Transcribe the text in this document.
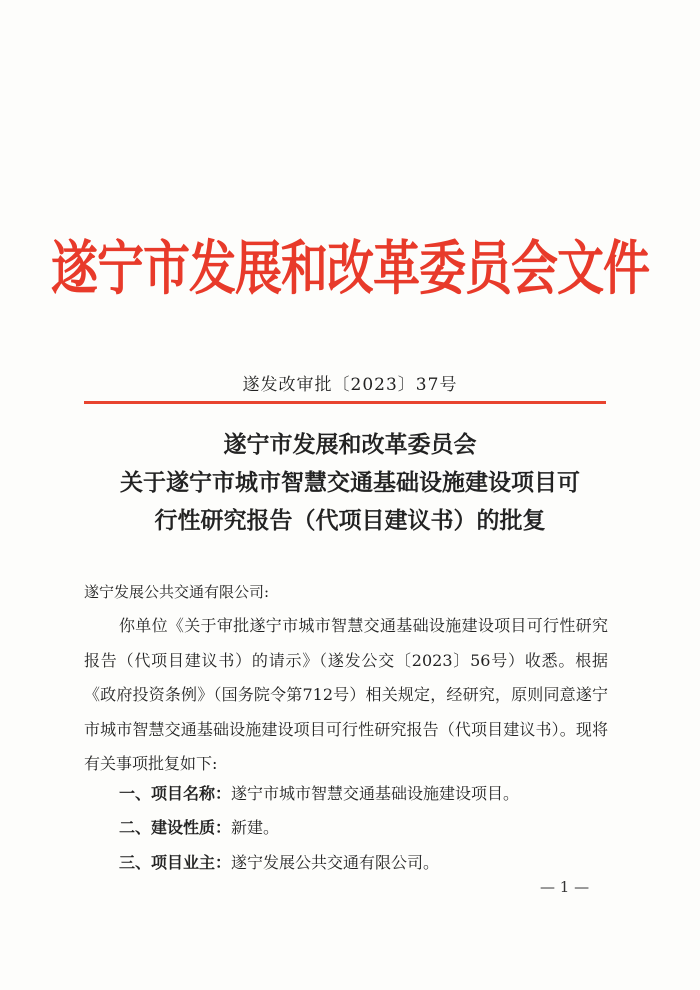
遂宁市发展和改革委员会文件
遂发改审批〔2023〕37号
遂宁市发展和改革委员会
关于遂宁市城市智慧交通基础设施建设项目可
行性研究报告（代项目建议书）的批复
遂宁发展公共交通有限公司:
你单位《关于审批遂宁市城市智慧交通基础设施建设项目可行性研究报告（代项目建议书）的请示》（遂发公交〔2023〕56号）收悉。根据《政府投资条例》（国务院令第712号）相关规定，经研究，原则同意遂宁市城市智慧交通基础设施建设项目可行性研究报告（代项目建议书）。现将有关事项批复如下:
一、项目名称：遂宁市城市智慧交通基础设施建设项目。
二、建设性质：新建。
三、项目业主：遂宁发展公共交通有限公司。
— 1 —
